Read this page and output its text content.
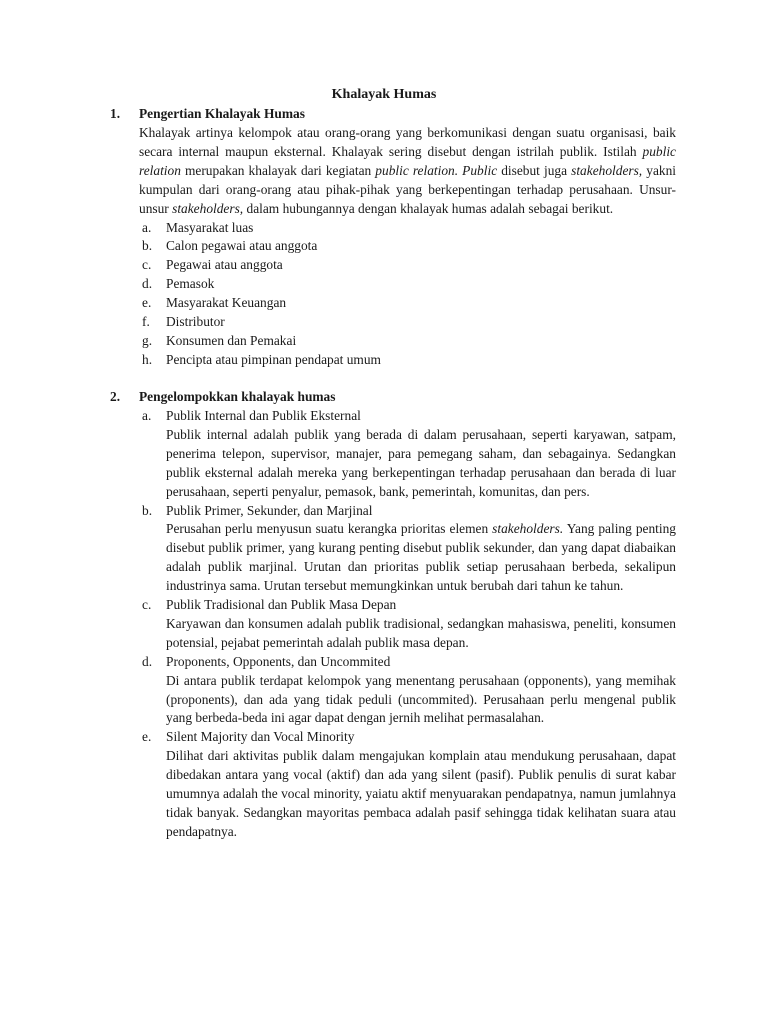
Khalayak Humas
1. Pengertian Khalayak Humas
Khalayak artinya kelompok atau orang-orang yang berkomunikasi dengan suatu organisasi, baik secara internal maupun eksternal. Khalayak sering disebut dengan istrilah publik. Istilah public relation merupakan khalayak dari kegiatan public relation. Public disebut juga stakeholders, yakni kumpulan dari orang-orang atau pihak-pihak yang berkepentingan terhadap perusahaan. Unsur-unsur stakeholders, dalam hubungannya dengan khalayak humas adalah sebagai berikut.
a. Masyarakat luas
b. Calon pegawai atau anggota
c. Pegawai atau anggota
d. Pemasok
e. Masyarakat Keuangan
f. Distributor
g. Konsumen dan Pemakai
h. Pencipta atau pimpinan pendapat umum
2. Pengelompokkan khalayak humas
a. Publik Internal dan Publik Eksternal
Publik internal adalah publik yang berada di dalam perusahaan, seperti karyawan, satpam, penerima telepon, supervisor, manajer, para pemegang saham, dan sebagainya. Sedangkan publik eksternal adalah mereka yang berkepentingan terhadap perusahaan dan berada di luar perusahaan, seperti penyalur, pemasok, bank, pemerintah, komunitas, dan pers.
b. Publik Primer, Sekunder, dan Marjinal
Perusahan perlu menyusun suatu kerangka prioritas elemen stakeholders. Yang paling penting disebut publik primer, yang kurang penting disebut publik sekunder, dan yang dapat diabaikan adalah publik marjinal. Urutan dan prioritas publik setiap perusahaan berbeda, sekalipun industrinya sama. Urutan tersebut memungkinkan untuk berubah dari tahun ke tahun.
c. Publik Tradisional dan Publik Masa Depan
Karyawan dan konsumen adalah publik tradisional, sedangkan mahasiswa, peneliti, konsumen potensial, pejabat pemerintah adalah publik masa depan.
d. Proponents, Opponents, dan Uncommited
Di antara publik terdapat kelompok yang menentang perusahaan (opponents), yang memihak (proponents), dan ada yang tidak peduli (uncommited). Perusahaan perlu mengenal publik yang berbeda-beda ini agar dapat dengan jernih melihat permasalahan.
e. Silent Majority dan Vocal Minority
Dilihat dari aktivitas publik dalam mengajukan komplain atau mendukung perusahaan, dapat dibedakan antara yang vocal (aktif) dan ada yang silent (pasif). Publik penulis di surat kabar umumnya adalah the vocal minority, yaiatu aktif menyuarakan pendapatnya, namun jumlahnya tidak banyak. Sedangkan mayoritas pembaca adalah pasif sehingga tidak kelihatan suara atau pendapatnya.
